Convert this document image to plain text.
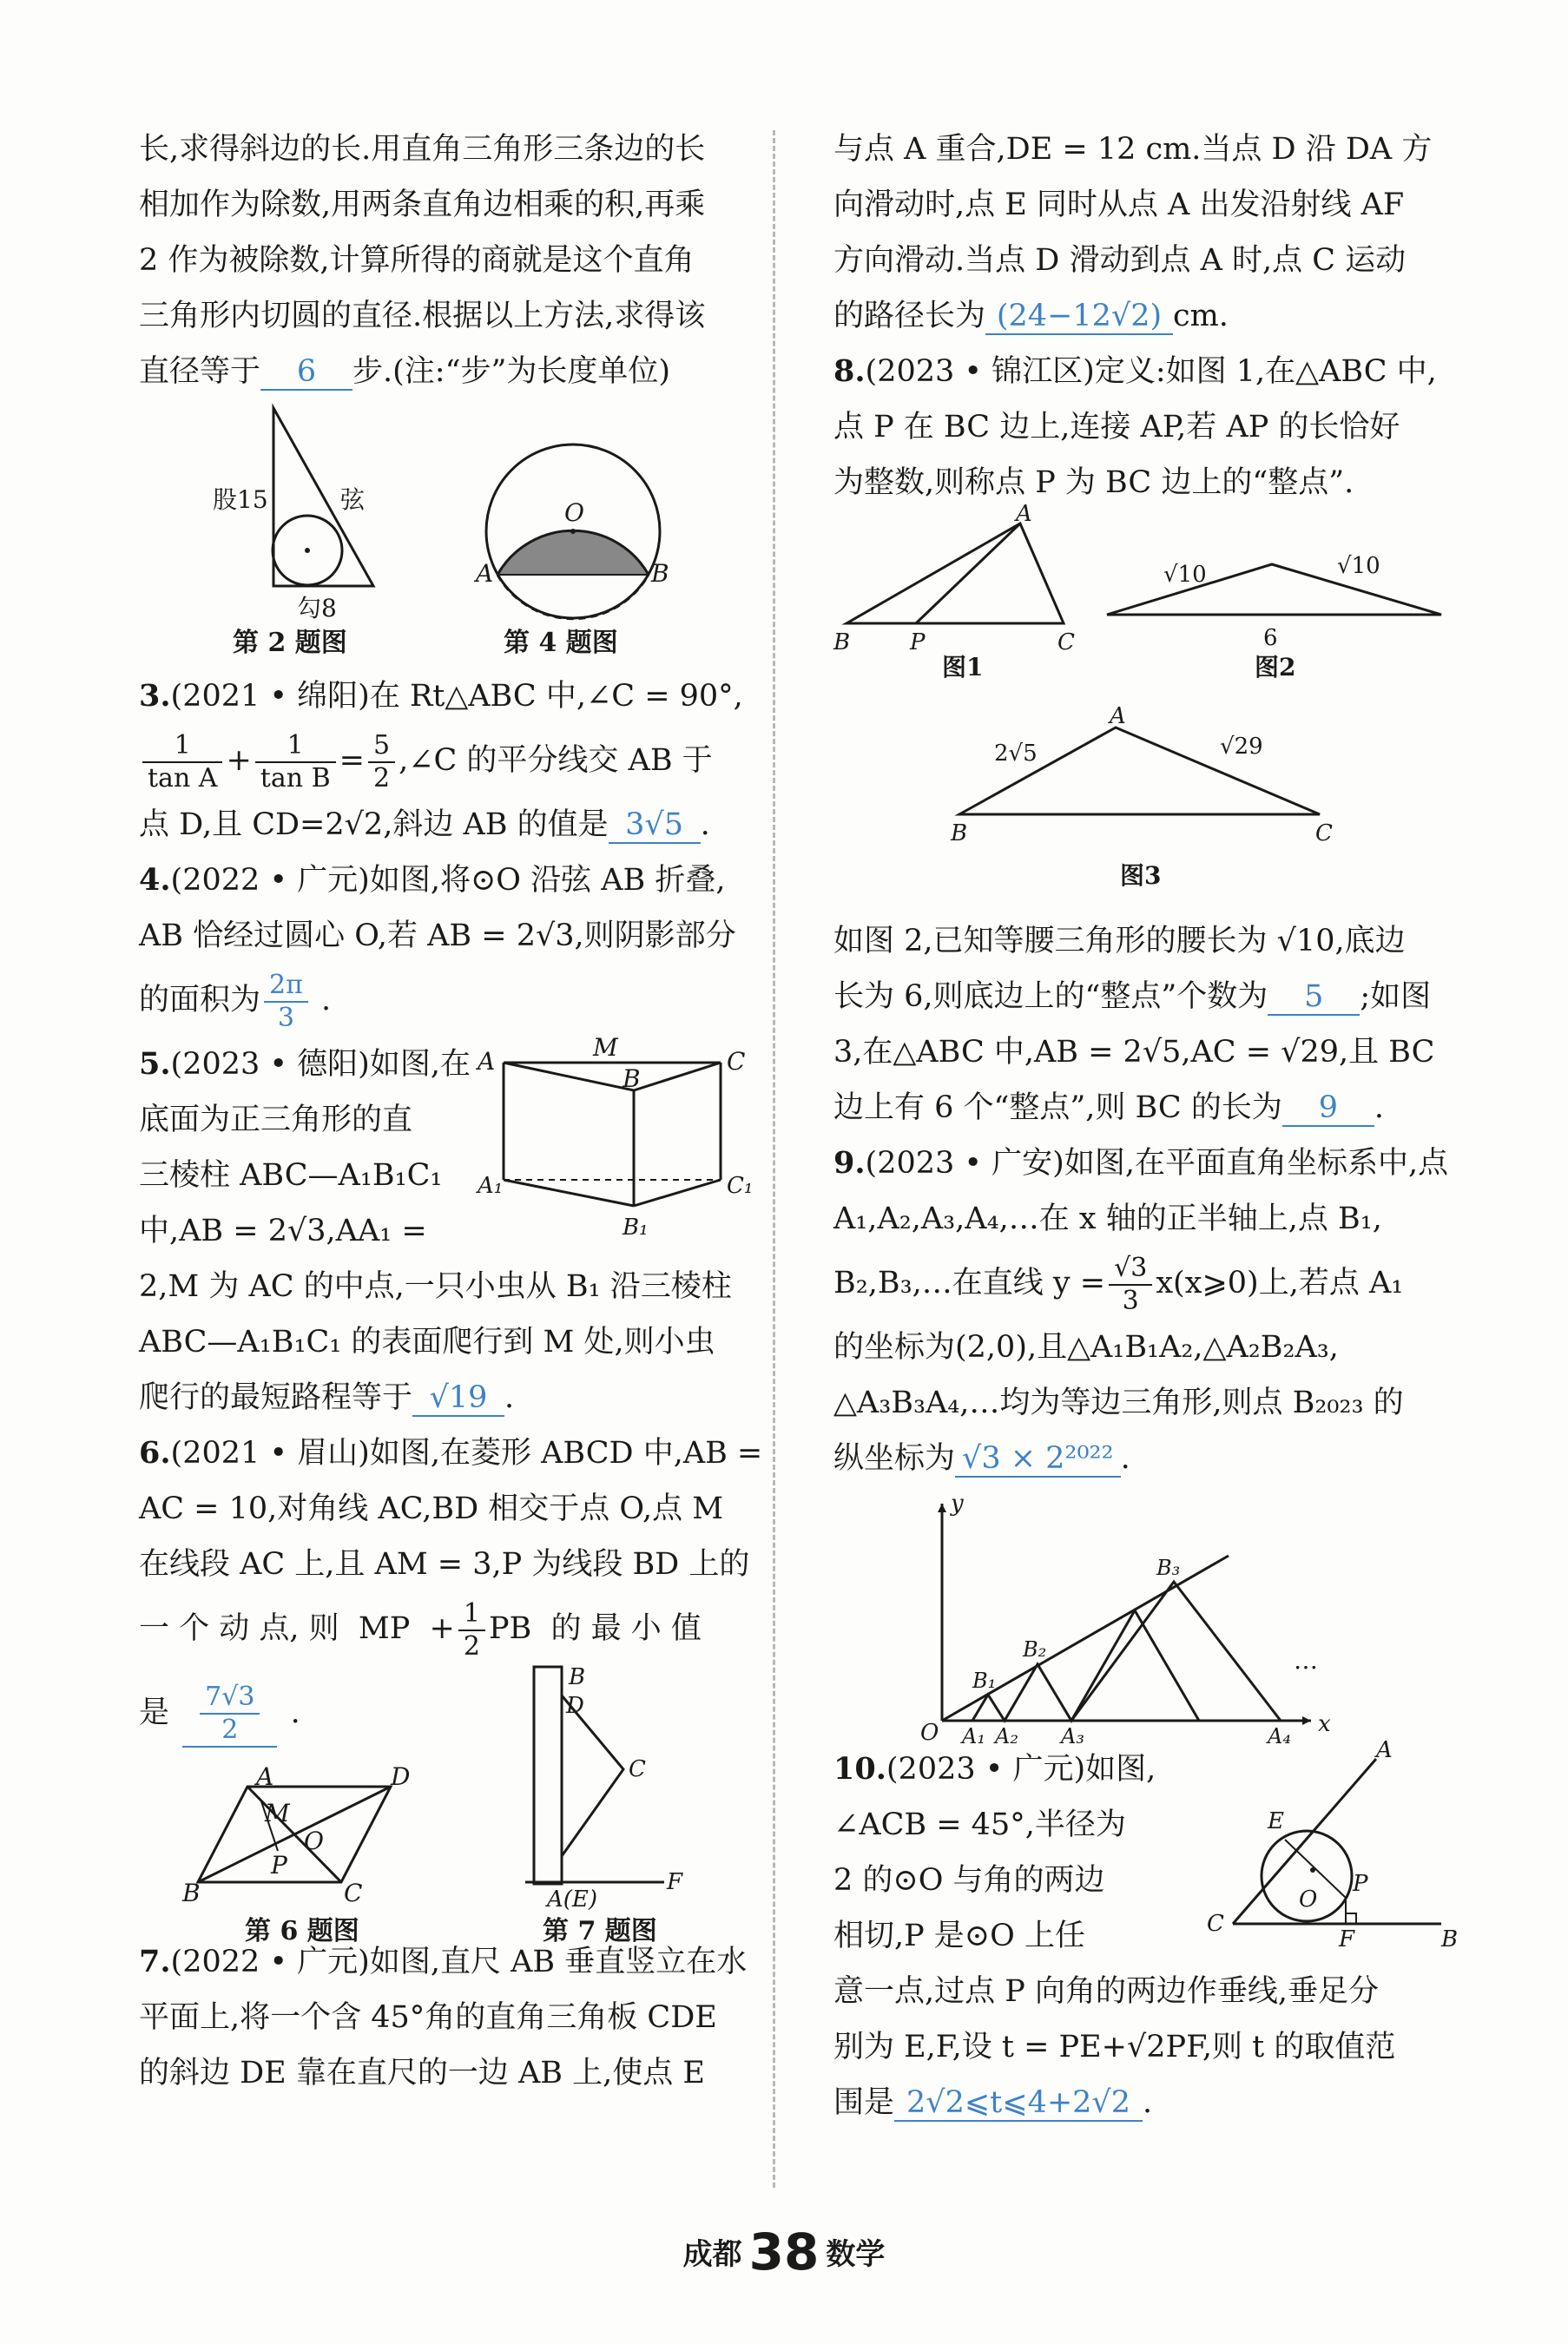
长,求得斜边的长.用直角三角形三条边的长

相加作为除数,用两条直角边相乘的积,再乘

2 作为被除数,计算所得的商就是这个直角

三角形内切圆的直径.根据以上方法,求得该

直径等于 6 步.(注:“步”为长度单位)

股15	弦
勾8
第 2 题图
O
A	B
第 4 题图

3.(2021 • 绵阳)在 Rt△ABC 中,∠C = 90°,

$\frac{1}{\text{tan A}} + \frac{1}{\text{tan B}} = \frac{5}{2}$ ,∠C 的平分线交 AB 于

点 D,且 CD=2√2,斜边 AB 的值是 3√5 .

4.(2022 • 广元)如图,将⊙O 沿弦 AB 折叠,

AB 恰经过圆心 O,若 AB = 2√3,则阴影部分

的面积为 $\frac{2\pi}{3}$ .

A	M
B
C
A₁
B₁
C₁

5.(2023 • 德阳)如图,在

底面为正三角形的直

三棱柱 ABC—A₁B₁C₁

中,AB = 2√3,AA₁ =

2,M 为 AC 的中点,一只小虫从 B₁ 沿三棱柱

ABC—A₁B₁C₁ 的表面爬行到 M 处,则小虫

爬行的最短路程等于 √19 .

6.(2021 • 眉山)如图,在菱形 ABCD 中,AB =

AC = 10,对角线 AC,BD 相交于点 O,点 M

在线段 AC 上,且 AM = 3,P 为线段 BD 上的

一 个 动 点, 则  MP  + $\frac{1}{2}$ PB  的 最 小 值

是 $\frac{7√3}{2}$ .

A	D
M
O
P
B	C
第 6 题图
B
D
C
A(E)
F
第 7 题图

7.(2022 • 广元)如图,直尺 AB 垂直竖立在水

平面上,将一个含 45°角的直角三角板 CDE

的斜边 DE 靠在直尺的一边 AB 上,使点 E

与点 A 重合,DE = 12 cm.当点 D 沿 DA 方

向滑动时,点 E 同时从点 A 出发沿射线 AF

方向滑动.当点 D 滑动到点 A 时,点 C 运动

的路径长为 (24−12√2) cm.

8.(2023 • 锦江区)定义:如图 1,在△ABC 中,

点 P 在 BC 边上,连接 AP,若 AP 的长恰好

为整数,则称点 P 为 BC 边上的“整点”.

A
B	P	C
图1
√10	√10
6
图2
A
B	C
2√5	√29
图3

如图 2,已知等腰三角形的腰长为 √10,底边

长为 6,则底边上的“整点”个数为 5 ;如图

3,在△ABC 中,AB = 2√5,AC = √29,且 BC

边上有 6 个“整点”,则 BC 的长为 9 .

9.(2023 • 广安)如图,在平面直角坐标系中,点

A₁,A₂,A₃,A₄,…在 x 轴的正半轴上,点 B₁,

B₂,B₃,…在直线 $y = \frac{√3}{3}$ x(x⩾0)上,若点 A₁

的坐标为(2,0),且△A₁B₁A₂,△A₂B₂A₃,

△A₃B₃A₄,…均为等边三角形,则点 B₂₀₂₃ 的

纵坐标为 √3 × 2²⁰²² .

y
x
O A₁ A₂ A₃	A₄
B₁
B₂
B₃
…
A
E
P
O
C
F	B

10.(2023 • 广元)如图,

∠ACB = 45°,半径为

2 的⊙O 与角的两边

相切,P 是⊙O 上任

意一点,过点 P 向角的两边作垂线,垂足分

别为 E,F,设 t = PE+√2PF,则 t 的取值范

围是 2√2⩽t⩽4+2√2 .

成都 38 数学
